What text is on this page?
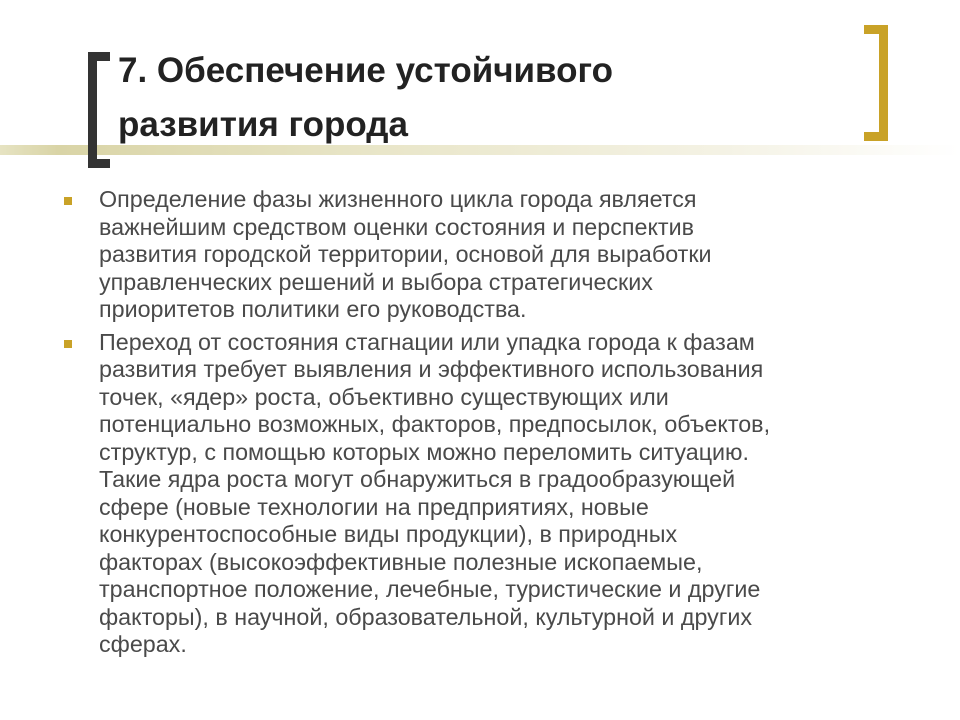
7. Обеспечение устойчивого
развития города
Определение фазы жизненного цикла города является
важнейшим средством оценки состояния и перспектив
развития городской территории, основой для выработки
управленческих решений и выбора стратегических
приоритетов политики его руководства.
Переход от состояния стагнации или упадка города к фазам
развития требует выявления и эффективного использования
точек, «ядер» роста, объективно существующих или
потенциально возможных, факторов, предпосылок, объектов,
структур, с помощью которых можно переломить ситуацию.
Такие ядра роста могут обнаружиться в градообразующей
сфере (новые технологии на предприятиях, новые
конкурентоспособные виды продукции), в природных
факторах (высокоэффективные полезные ископаемые,
транспортное положение, лечебные, туристические и другие
факторы), в научной, образовательной, культурной и других
сферах.
